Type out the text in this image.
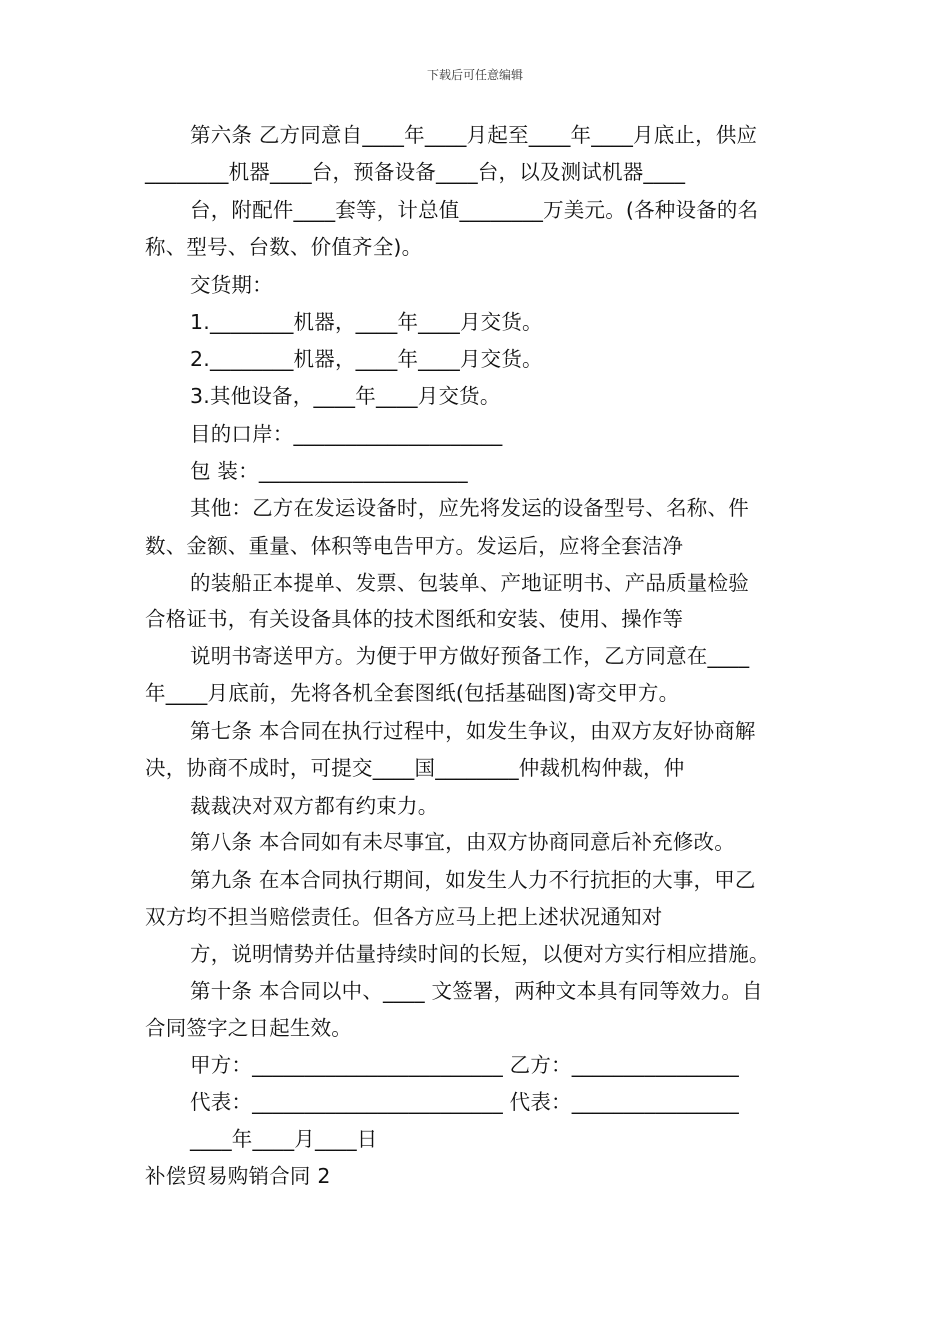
下载后可任意编辑
第六条 乙方同意自____年____月起至____年____月底止，供应
________机器____台，预备设备____台，以及测试机器____
台，附配件____套等，计总值________万美元。(各种设备的名
称、型号、台数、价值齐全)。
交货期：
1.________机器，____年____月交货。
2.________机器，____年____月交货。
3.其他设备，____年____月交货。
目的口岸：____________________
包 装：____________________
其他：乙方在发运设备时，应先将发运的设备型号、名称、件
数、金额、重量、体积等电告甲方。发运后，应将全套洁净
的装船正本提单、发票、包装单、产地证明书、产品质量检验
合格证书，有关设备具体的技术图纸和安装、使用、操作等
说明书寄送甲方。为便于甲方做好预备工作，乙方同意在____
年____月底前，先将各机全套图纸(包括基础图)寄交甲方。
第七条 本合同在执行过程中，如发生争议，由双方友好协商解
决，协商不成时，可提交____国________仲裁机构仲裁，仲
裁裁决对双方都有约束力。
第八条 本合同如有未尽事宜，由双方协商同意后补充修改。
第九条 在本合同执行期间，如发生人力不行抗拒的大事，甲乙
双方均不担当赔偿责任。但各方应马上把上述状况通知对
方，说明情势并估量持续时间的长短，以便对方实行相应措施。
第十条 本合同以中、____ 文签署，两种文本具有同等效力。自
合同签字之日起生效。
甲方：________________________ 乙方：________________
代表：________________________ 代表：________________
____年____月____日
补偿贸易购销合同 2
